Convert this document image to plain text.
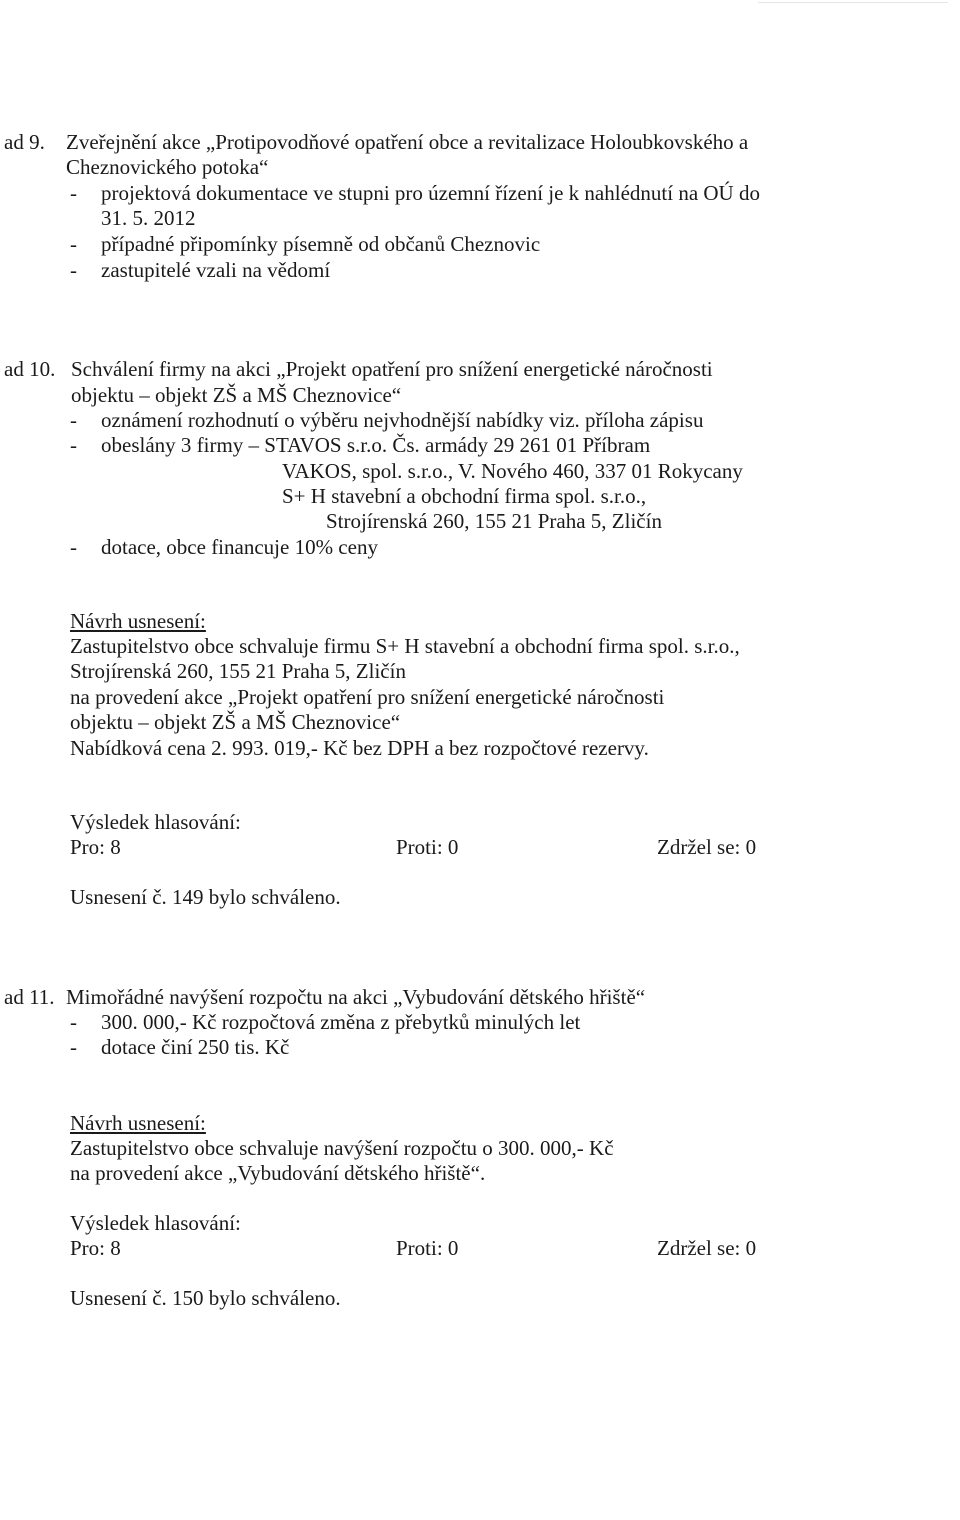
ad 9. Zveřejnění akce „Protipovodňové opatření obce a revitalizace Holoubkovského a
Cheznovického potoka“
- projektová dokumentace ve stupni pro územní řízení je k nahlédnutí na OÚ do
31. 5. 2012
- případné připomínky písemně od občanů Cheznovic
- zastupitelé vzali na vědomí
ad 10. Schválení firmy na akci „Projekt opatření pro snížení energetické náročnosti
objektu – objekt ZŠ a MŠ Cheznovice“
- oznámení rozhodnutí o výběru nejvhodnější nabídky viz. příloha zápisu
- obeslány 3 firmy – STAVOS s.r.o. Čs. armády 29 261 01 Příbram
VAKOS, spol. s.r.o., V. Nového 460, 337 01 Rokycany
S+ H stavební a obchodní firma spol. s.r.o.,
Strojírenská 260, 155 21 Praha 5, Zličín
- dotace, obce financuje 10% ceny
Návrh usnesení:
Zastupitelstvo obce schvaluje firmu S+ H stavební a obchodní firma spol. s.r.o.,
Strojírenská 260, 155 21 Praha 5, Zličín
na provedení akce „Projekt opatření pro snížení energetické náročnosti
objektu – objekt ZŠ a MŠ Cheznovice“
Nabídková cena 2. 993. 019,- Kč bez DPH a bez rozpočtové rezervy.
Výsledek hlasování:
Pro: 8	Proti: 0	Zdržel se: 0
Usnesení č. 149 bylo schváleno.
ad 11. Mimořádné navýšení rozpočtu na akci „Vybudování dětského hřiště“
- 300. 000,- Kč rozpočtová změna z přebytků minulých let
- dotace činí 250 tis. Kč
Návrh usnesení:
Zastupitelstvo obce schvaluje navýšení rozpočtu o 300. 000,- Kč
na provedení akce „Vybudování dětského hřiště“.
Výsledek hlasování:
Pro: 8	Proti: 0	Zdržel se: 0
Usnesení č. 150 bylo schváleno.
